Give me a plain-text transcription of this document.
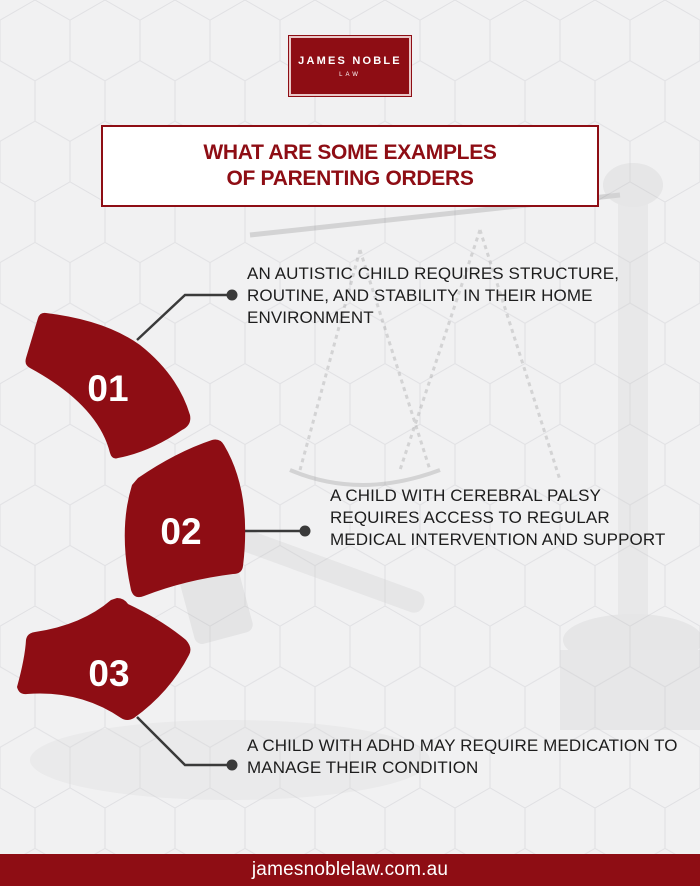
JAMES NOBLE
LAW
WHAT ARE SOME EXAMPLES
OF PARENTING ORDERS
01
02
03
AN AUTISTIC CHILD REQUIRES STRUCTURE, ROUTINE, AND STABILITY IN THEIR HOME ENVIRONMENT
A CHILD WITH CEREBRAL PALSY REQUIRES ACCESS TO REGULAR MEDICAL INTERVENTION AND SUPPORT
A CHILD WITH ADHD MAY REQUIRE MEDICATION TO MANAGE THEIR CONDITION
jamesnoblelaw.com.au
